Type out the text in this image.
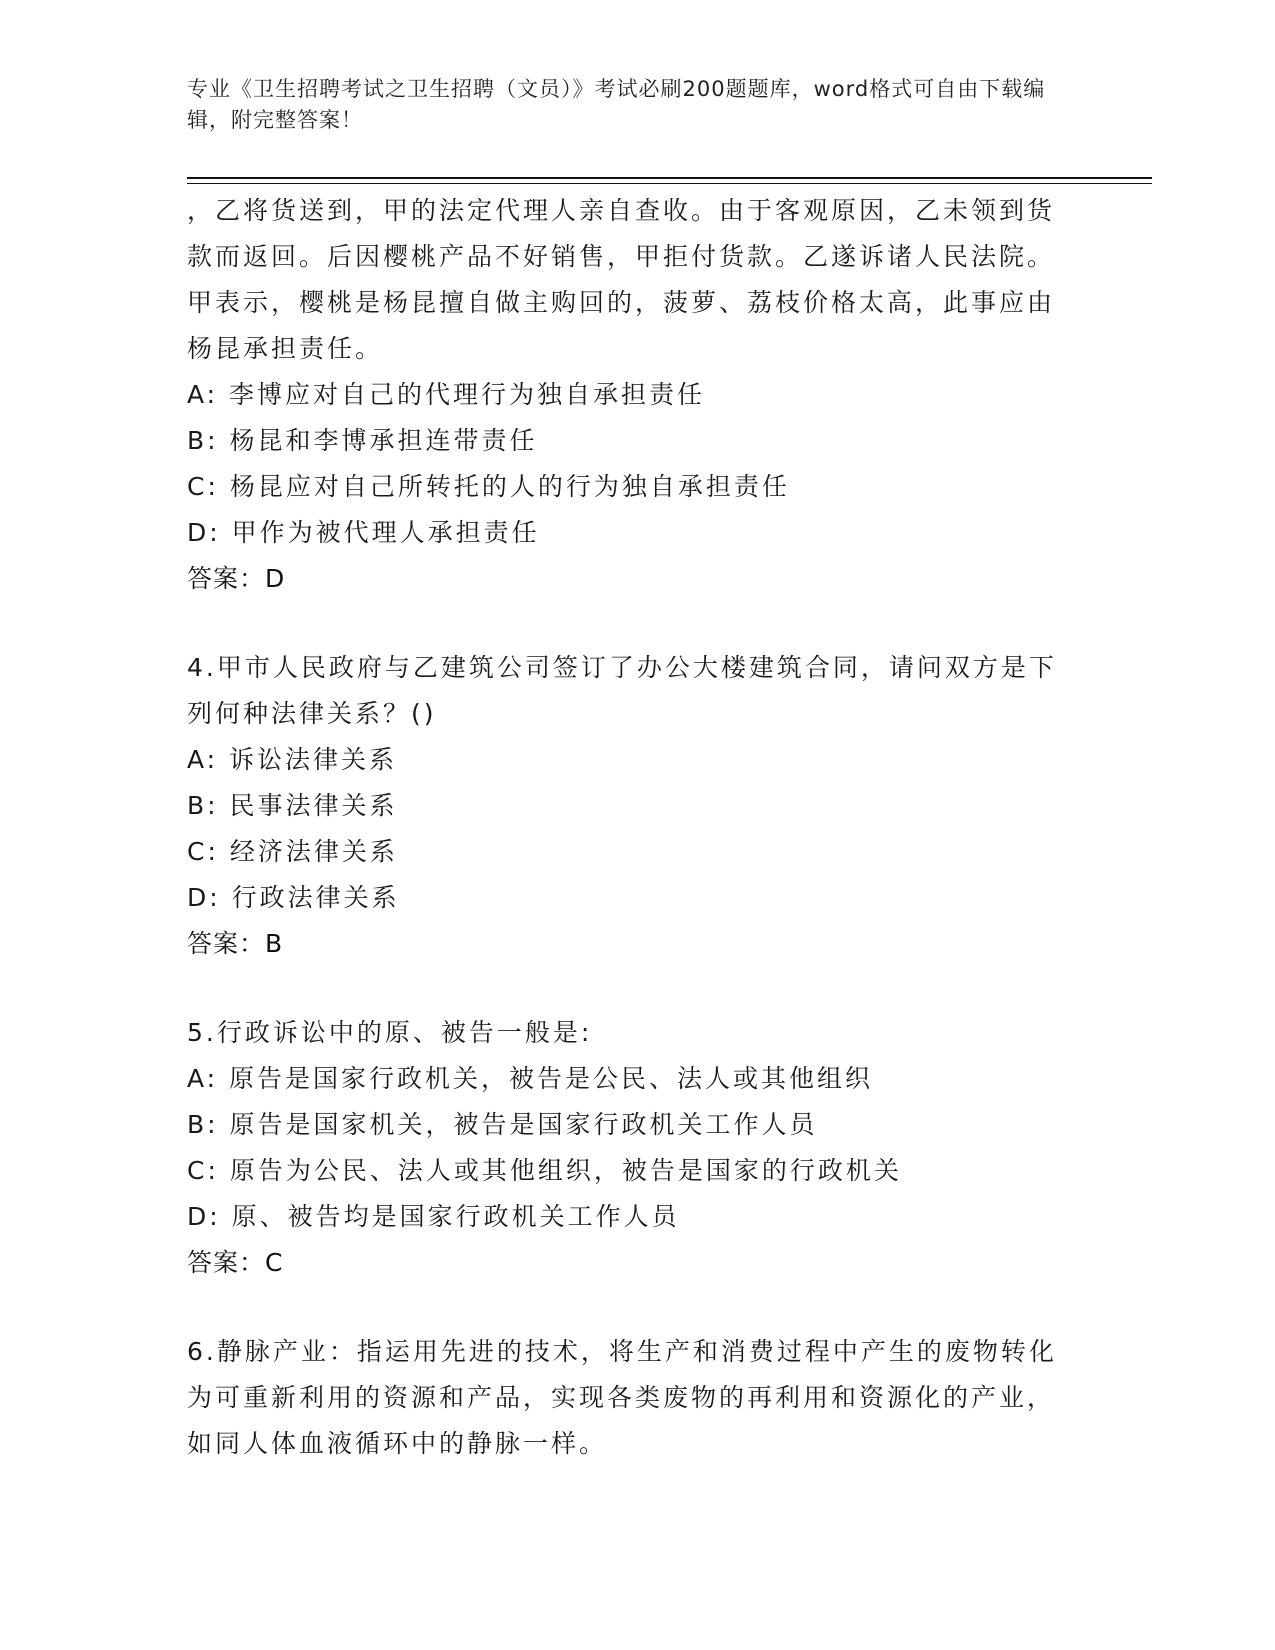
专业《卫生招聘考试之卫生招聘（文员）》考试必刷200题题库，word格式可自由下载编辑，附完整答案！
，乙将货送到，甲的法定代理人亲自查收。由于客观原因，乙未领到货款而返回。后因樱桃产品不好销售，甲拒付货款。乙遂诉诸人民法院。甲表示，樱桃是杨昆擅自做主购回的，菠萝、荔枝价格太高，此事应由杨昆承担责任。
A: 李博应对自己的代理行为独自承担责任
B: 杨昆和李博承担连带责任
C: 杨昆应对自己所转托的人的行为独自承担责任
D: 甲作为被代理人承担责任
答案：D
4.甲市人民政府与乙建筑公司签订了办公大楼建筑合同，请问双方是下列何种法律关系？()
A: 诉讼法律关系
B: 民事法律关系
C: 经济法律关系
D: 行政法律关系
答案：B
5.行政诉讼中的原、被告一般是:
A: 原告是国家行政机关，被告是公民、法人或其他组织
B: 原告是国家机关，被告是国家行政机关工作人员
C: 原告为公民、法人或其他组织，被告是国家的行政机关
D: 原、被告均是国家行政机关工作人员
答案：C
6.静脉产业：指运用先进的技术，将生产和消费过程中产生的废物转化为可重新利用的资源和产品，实现各类废物的再利用和资源化的产业，如同人体血液循环中的静脉一样。
